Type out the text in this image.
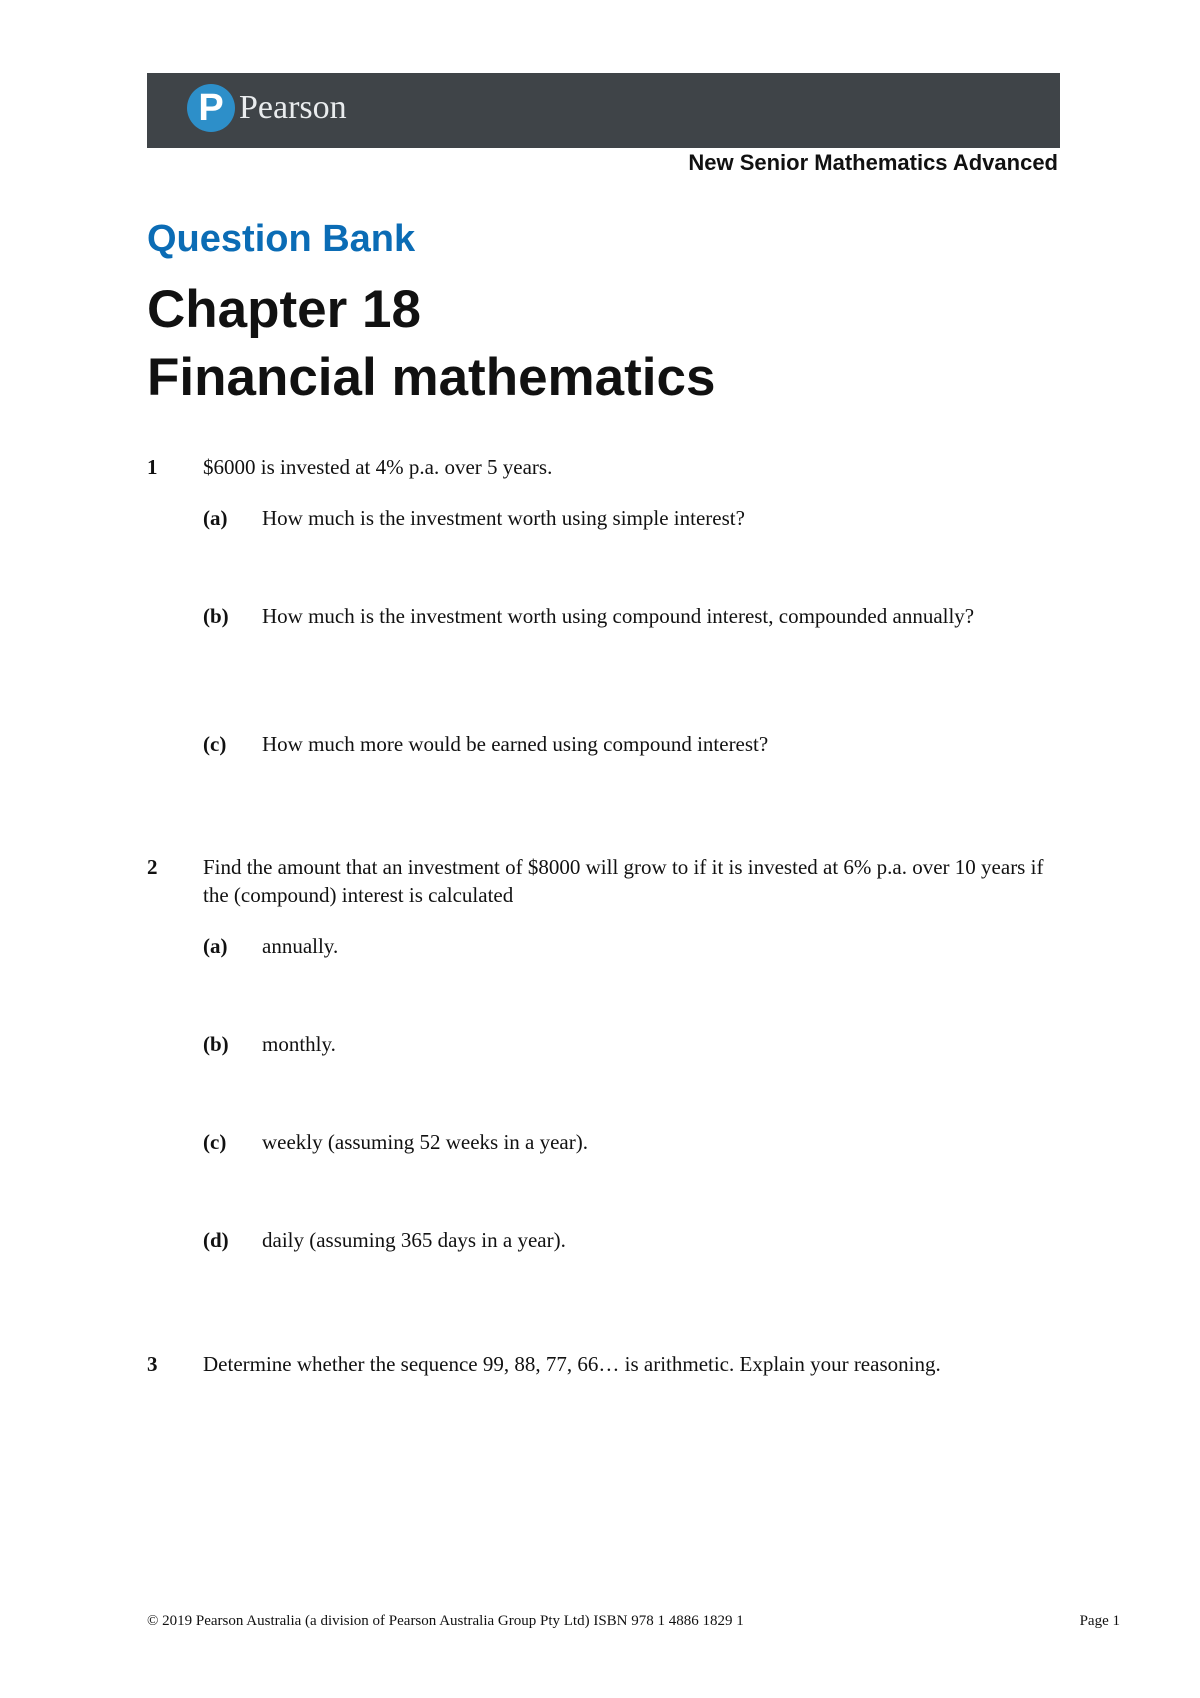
P Pearson
New Senior Mathematics Advanced
Question Bank
Chapter 18
Financial mathematics
1 $6000 is invested at 4% p.a. over 5 years.
(a) How much is the investment worth using simple interest?
(b) How much is the investment worth using compound interest, compounded annually?
(c) How much more would be earned using compound interest?
2 Find the amount that an investment of $8000 will grow to if it is invested at 6% p.a. over 10 years if the (compound) interest is calculated
(a) annually.
(b) monthly.
(c) weekly (assuming 52 weeks in a year).
(d) daily (assuming 365 days in a year).
3 Determine whether the sequence 99, 88, 77, 66… is arithmetic. Explain your reasoning.
© 2019 Pearson Australia (a division of Pearson Australia Group Pty Ltd) ISBN 978 1 4886 1829 1	Page 1
